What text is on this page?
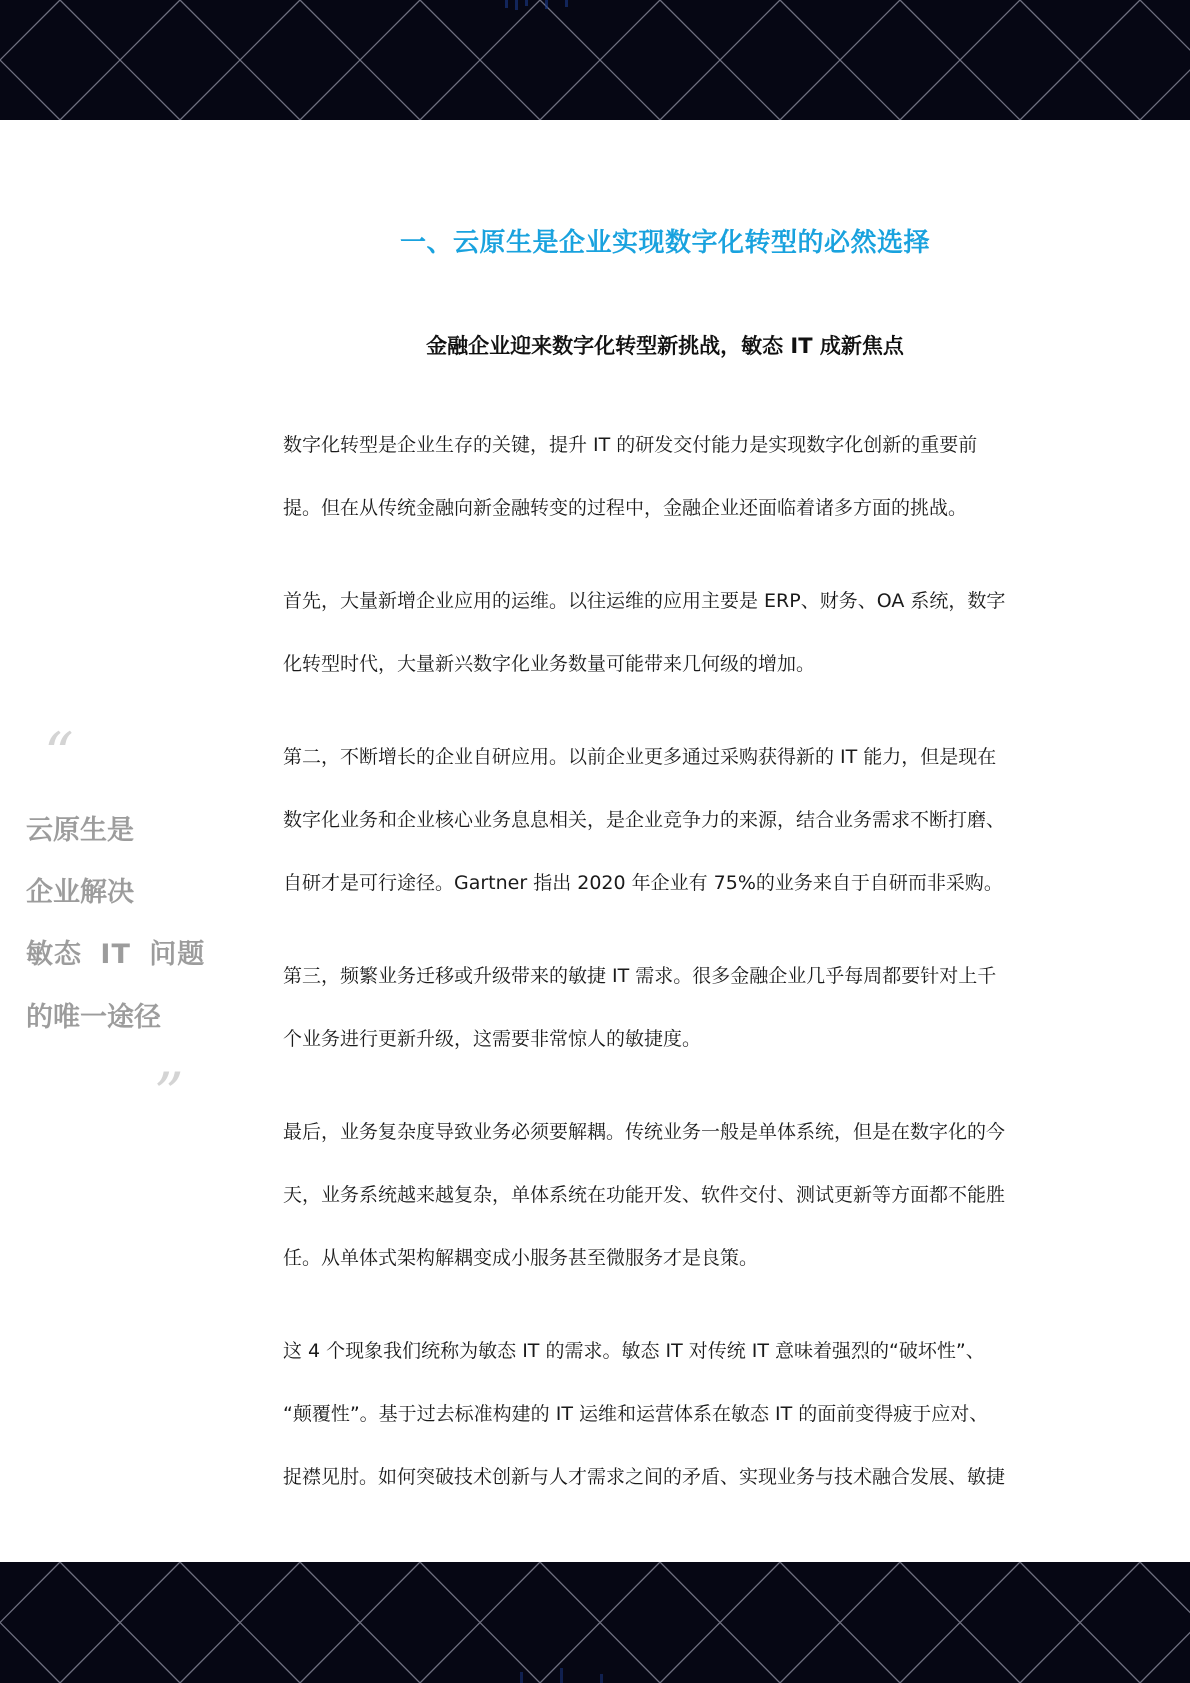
一、云原生是企业实现数字化转型的必然选择
金融企业迎来数字化转型新挑战，敏态 IT 成新焦点
“
云原生是
企业解决
敏态 IT 问题
的唯一途径
”

数字化转型是企业生存的关键，提升 IT 的研发交付能力是实现数字化创新的重要前
提。但在从传统金融向新金融转变的过程中，金融企业还面临着诸多方面的挑战。

首先，大量新增企业应用的运维。以往运维的应用主要是 ERP、财务、OA 系统，数字
化转型时代，大量新兴数字化业务数量可能带来几何级的增加。

第二，不断增长的企业自研应用。以前企业更多通过采购获得新的 IT 能力，但是现在
数字化业务和企业核心业务息息相关，是企业竞争力的来源，结合业务需求不断打磨、
自研才是可行途径。Gartner 指出 2020 年企业有 75%的业务来自于自研而非采购。

第三，频繁业务迁移或升级带来的敏捷 IT 需求。很多金融企业几乎每周都要针对上千
个业务进行更新升级，这需要非常惊人的敏捷度。

最后，业务复杂度导致业务必须要解耦。传统业务一般是单体系统，但是在数字化的今
天，业务系统越来越复杂，单体系统在功能开发、软件交付、测试更新等方面都不能胜
任。从单体式架构解耦变成小服务甚至微服务才是良策。

这 4 个现象我们统称为敏态 IT 的需求。敏态 IT 对传统 IT 意味着强烈的“破坏性”、
“颠覆性”。基于过去标准构建的 IT 运维和运营体系在敏态 IT 的面前变得疲于应对、
捉襟见肘。如何突破技术创新与人才需求之间的矛盾、实现业务与技术融合发展、敏捷
